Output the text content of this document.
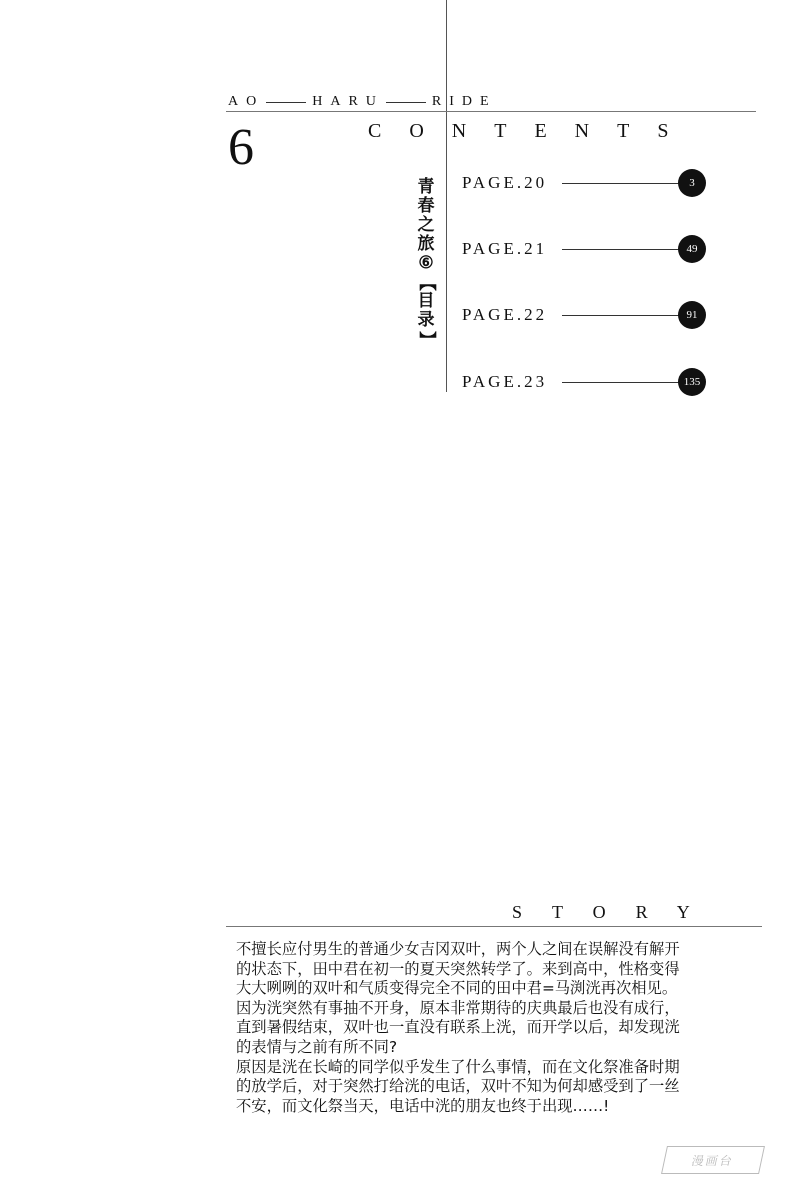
AO	HARU	RIDE
6	CONTENTS
青
春
之
旅
⑥
【
目
录
】
PAGE.20	3
PAGE.21	49
PAGE.22	91
PAGE.23	135
STORY
不擅长应付男生的普通少女吉冈双叶，两个人之间在误解没有解开
的状态下，田中君在初一的夏天突然转学了。来到高中，性格变得
大大咧咧的双叶和气质变得完全不同的田中君=马渕洸再次相见。
因为洸突然有事抽不开身，原本非常期待的庆典最后也没有成行，
直到暑假结束，双叶也一直没有联系上洸，而开学以后，却发现洸
的表情与之前有所不同?
原因是洸在长崎的同学似乎发生了什么事情，而在文化祭准备时期
的放学后，对于突然打给洸的电话，双叶不知为何却感受到了一丝
不安，而文化祭当天，电话中洸的朋友也终于出现……!
漫画台
